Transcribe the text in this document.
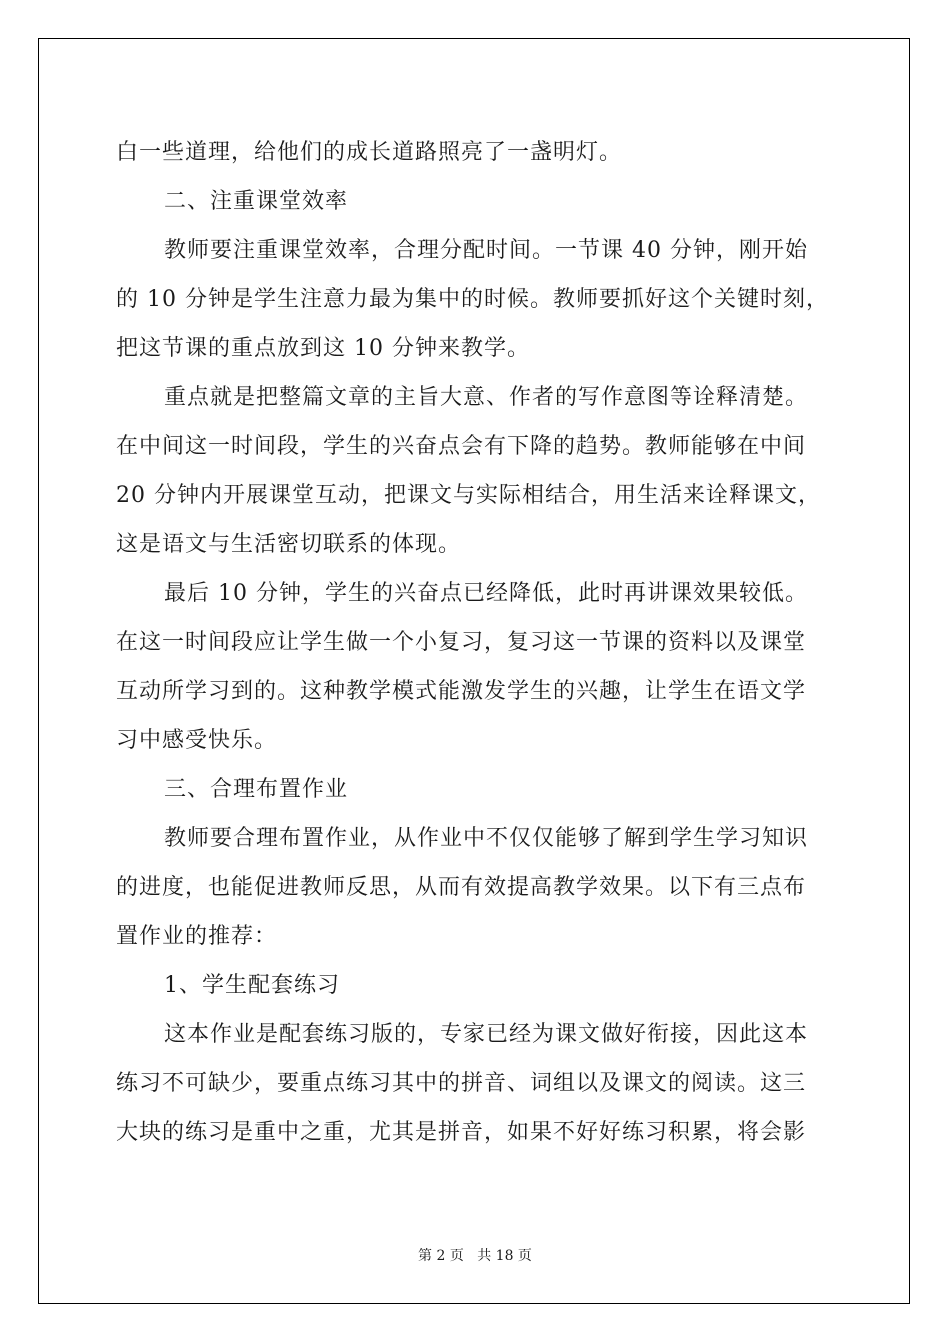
白一些道理，给他们的成长道路照亮了一盏明灯。
二、注重课堂效率
教师要注重课堂效率，合理分配时间。一节课 40 分钟，刚开始
的 10 分钟是学生注意力最为集中的时候。教师要抓好这个关键时刻，
把这节课的重点放到这 10 分钟来教学。
重点就是把整篇文章的主旨大意、作者的写作意图等诠释清楚。
在中间这一时间段，学生的兴奋点会有下降的趋势。教师能够在中间
20 分钟内开展课堂互动，把课文与实际相结合，用生活来诠释课文，
这是语文与生活密切联系的体现。
最后 10 分钟，学生的兴奋点已经降低，此时再讲课效果较低。
在这一时间段应让学生做一个小复习，复习这一节课的资料以及课堂
互动所学习到的。这种教学模式能激发学生的兴趣，让学生在语文学
习中感受快乐。
三、合理布置作业
教师要合理布置作业，从作业中不仅仅能够了解到学生学习知识
的进度，也能促进教师反思，从而有效提高教学效果。以下有三点布
置作业的推荐：
1、学生配套练习
这本作业是配套练习版的，专家已经为课文做好衔接，因此这本
练习不可缺少，要重点练习其中的拼音、词组以及课文的阅读。这三
大块的练习是重中之重，尤其是拼音，如果不好好练习积累，将会影
第 2 页 共 18 页
